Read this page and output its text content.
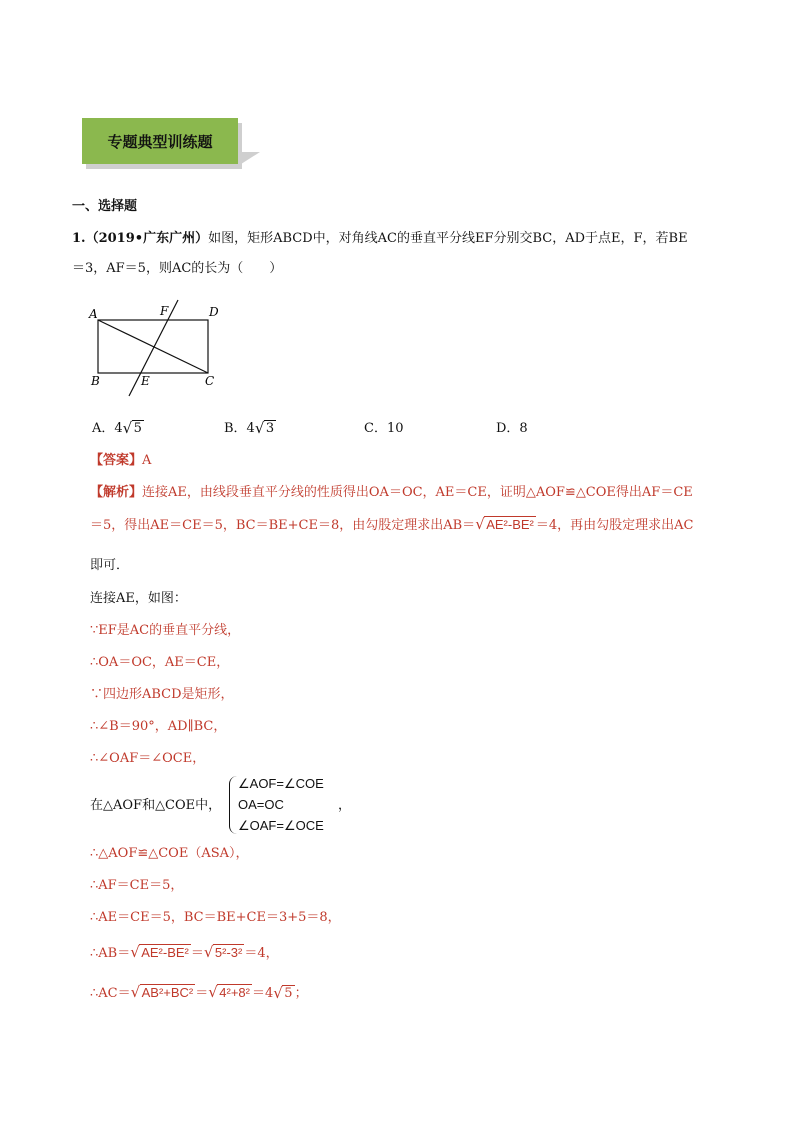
专题典型训练题
一、选择题
1.（2019•广东广州）如图，矩形ABCD中，对角线AC的垂直平分线EF分别交BC，AD于点E，F，若BE
＝3，AF＝5，则AC的长为（　　）
A	F	D
B	E	C
A．4 √ 5	B．4 √ 3	C．10	D．8
【答案】A
【解析】连接AE，由线段垂直平分线的性质得出OA＝OC，AE＝CE，证明△AOF≌△COE得出AF＝CE
＝5，得出AE＝CE＝5，BC＝BE+CE＝8，由勾股定理求出AB＝ √ AE²-BE² ＝4，再由勾股定理求出AC
即可．
连接AE，如图：
∵EF是AC的垂直平分线，
∴OA＝OC，AE＝CE，
∵四边形ABCD是矩形，
∴∠B＝90°，AD∥BC，
∴∠OAF＝∠OCE，
在△AOF和△COE中，
∠AOF=∠COE
OA=OC
∠OAF=∠OCE
，
∴△AOF≌△COE（ASA），
∴AF＝CE＝5，
∴AE＝CE＝5，BC＝BE+CE＝3+5＝8，
∴AB＝ √ AE²-BE² ＝ √ 5²-3² ＝4，
∴AC＝ √ AB²+BC² ＝ √ 4²+8² ＝4 √ 5 ；
